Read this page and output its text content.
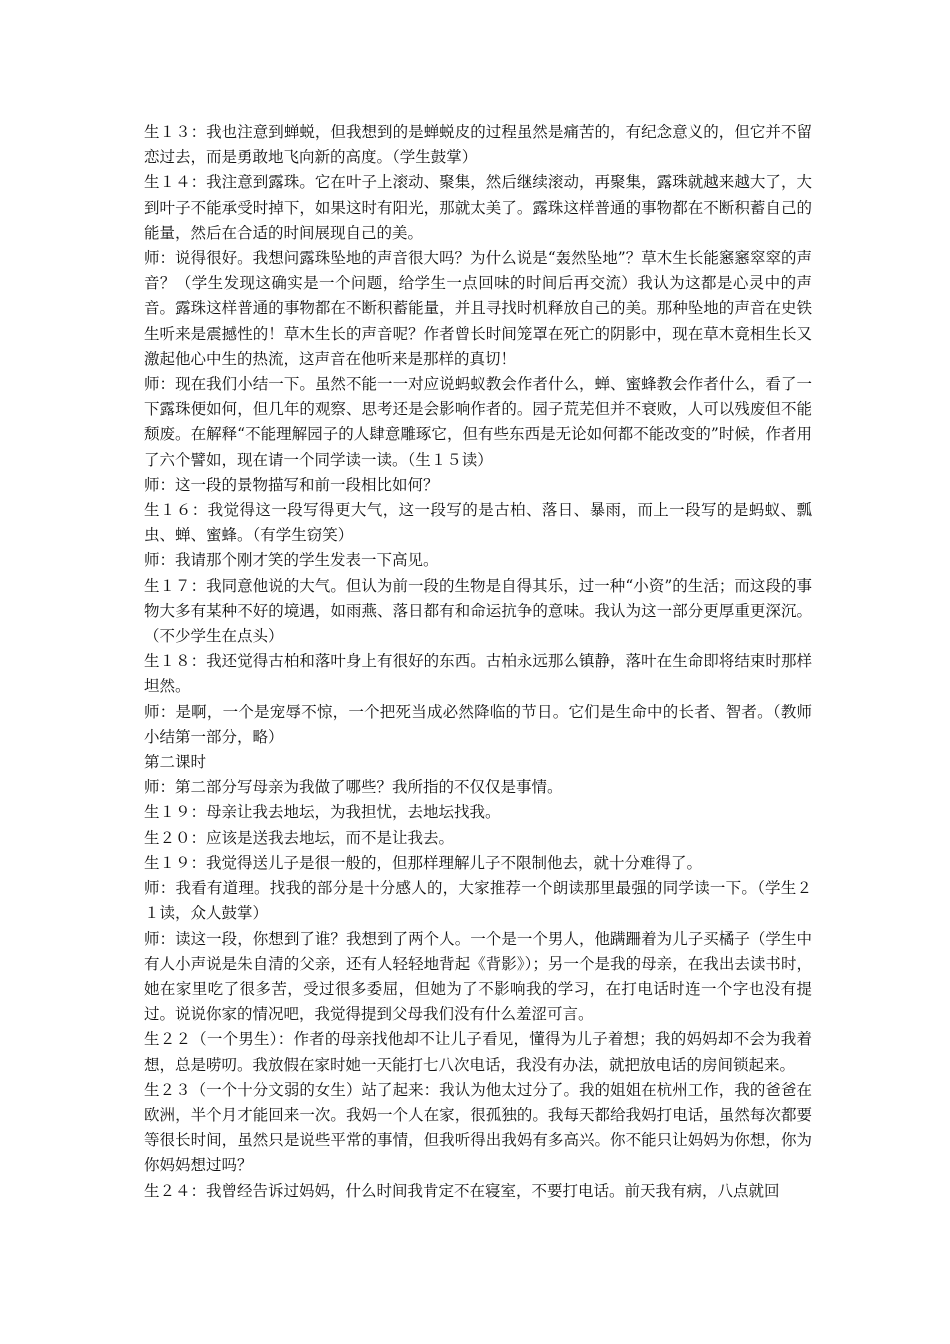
生１３：我也注意到蝉蜕，但我想到的是蝉蜕皮的过程虽然是痛苦的，有纪念意义的，但它并不留恋过去，而是勇敢地飞向新的高度。（学生鼓掌）

生１４：我注意到露珠。它在叶子上滚动、聚集，然后继续滚动，再聚集，露珠就越来越大了，大到叶子不能承受时掉下，如果这时有阳光，那就太美了。露珠这样普通的事物都在不断积蓄自己的能量，然后在合适的时间展现自己的美。

师：说得很好。我想问露珠坠地的声音很大吗？为什么说是“轰然坠地”？草木生长能窸窸窣窣的声音？（学生发现这确实是一个问题，给学生一点回味的时间后再交流）我认为这都是心灵中的声音。露珠这样普通的事物都在不断积蓄能量，并且寻找时机释放自己的美。那种坠地的声音在史铁生听来是震撼性的！草木生长的声音呢？作者曾长时间笼罩在死亡的阴影中，现在草木竟相生长又激起他心中生的热流，这声音在他听来是那样的真切！

师：现在我们小结一下。虽然不能一一对应说蚂蚁教会作者什么，蝉、蜜蜂教会作者什么，看了一下露珠便如何，但几年的观察、思考还是会影响作者的。园子荒芜但并不衰败，人可以残废但不能颓废。在解释“不能理解园子的人肆意雕琢它，但有些东西是无论如何都不能改变的”时候，作者用了六个譬如，现在请一个同学读一读。（生１５读）

师：这一段的景物描写和前一段相比如何？

生１６：我觉得这一段写得更大气，这一段写的是古柏、落日、暴雨，而上一段写的是蚂蚁、瓢虫、蝉、蜜蜂。（有学生窃笑）

师：我请那个刚才笑的学生发表一下高见。

生１７：我同意他说的大气。但认为前一段的生物是自得其乐，过一种“小资”的生活；而这段的事物大多有某种不好的境遇，如雨燕、落日都有和命运抗争的意味。我认为这一部分更厚重更深沉。（不少学生在点头）

生１８：我还觉得古柏和落叶身上有很好的东西。古柏永远那么镇静，落叶在生命即将结束时那样坦然。

师：是啊，一个是宠辱不惊，一个把死当成必然降临的节日。它们是生命中的长者、智者。（教师小结第一部分，略）

第二课时

师：第二部分写母亲为我做了哪些？我所指的不仅仅是事情。

生１９：母亲让我去地坛，为我担忧，去地坛找我。

生２０：应该是送我去地坛，而不是让我去。

生１９：我觉得送儿子是很一般的，但那样理解儿子不限制他去，就十分难得了。

师：我看有道理。找我的部分是十分感人的，大家推荐一个朗读那里最强的同学读一下。（学生２１读，众人鼓掌）

师：读这一段，你想到了谁？我想到了两个人。一个是一个男人，他蹒跚着为儿子买橘子（学生中有人小声说是朱自清的父亲，还有人轻轻地背起《背影》）；另一个是我的母亲，在我出去读书时，她在家里吃了很多苦，受过很多委屈，但她为了不影响我的学习，在打电话时连一个字也没有提过。说说你家的情况吧，我觉得提到父母我们没有什么羞涩可言。

生２２（一个男生）：作者的母亲找他却不让儿子看见，懂得为儿子着想；我的妈妈却不会为我着想，总是唠叨。我放假在家时她一天能打七八次电话，我没有办法，就把放电话的房间锁起来。

生２３（一个十分文弱的女生）站了起来：我认为他太过分了。我的姐姐在杭州工作，我的爸爸在欧洲，半个月才能回来一次。我妈一个人在家，很孤独的。我每天都给我妈打电话，虽然每次都要等很长时间，虽然只是说些平常的事情，但我听得出我妈有多高兴。你不能只让妈妈为你想，你为你妈妈想过吗？

生２４：我曾经告诉过妈妈，什么时间我肯定不在寝室，不要打电话。前天我有病，八点就回
